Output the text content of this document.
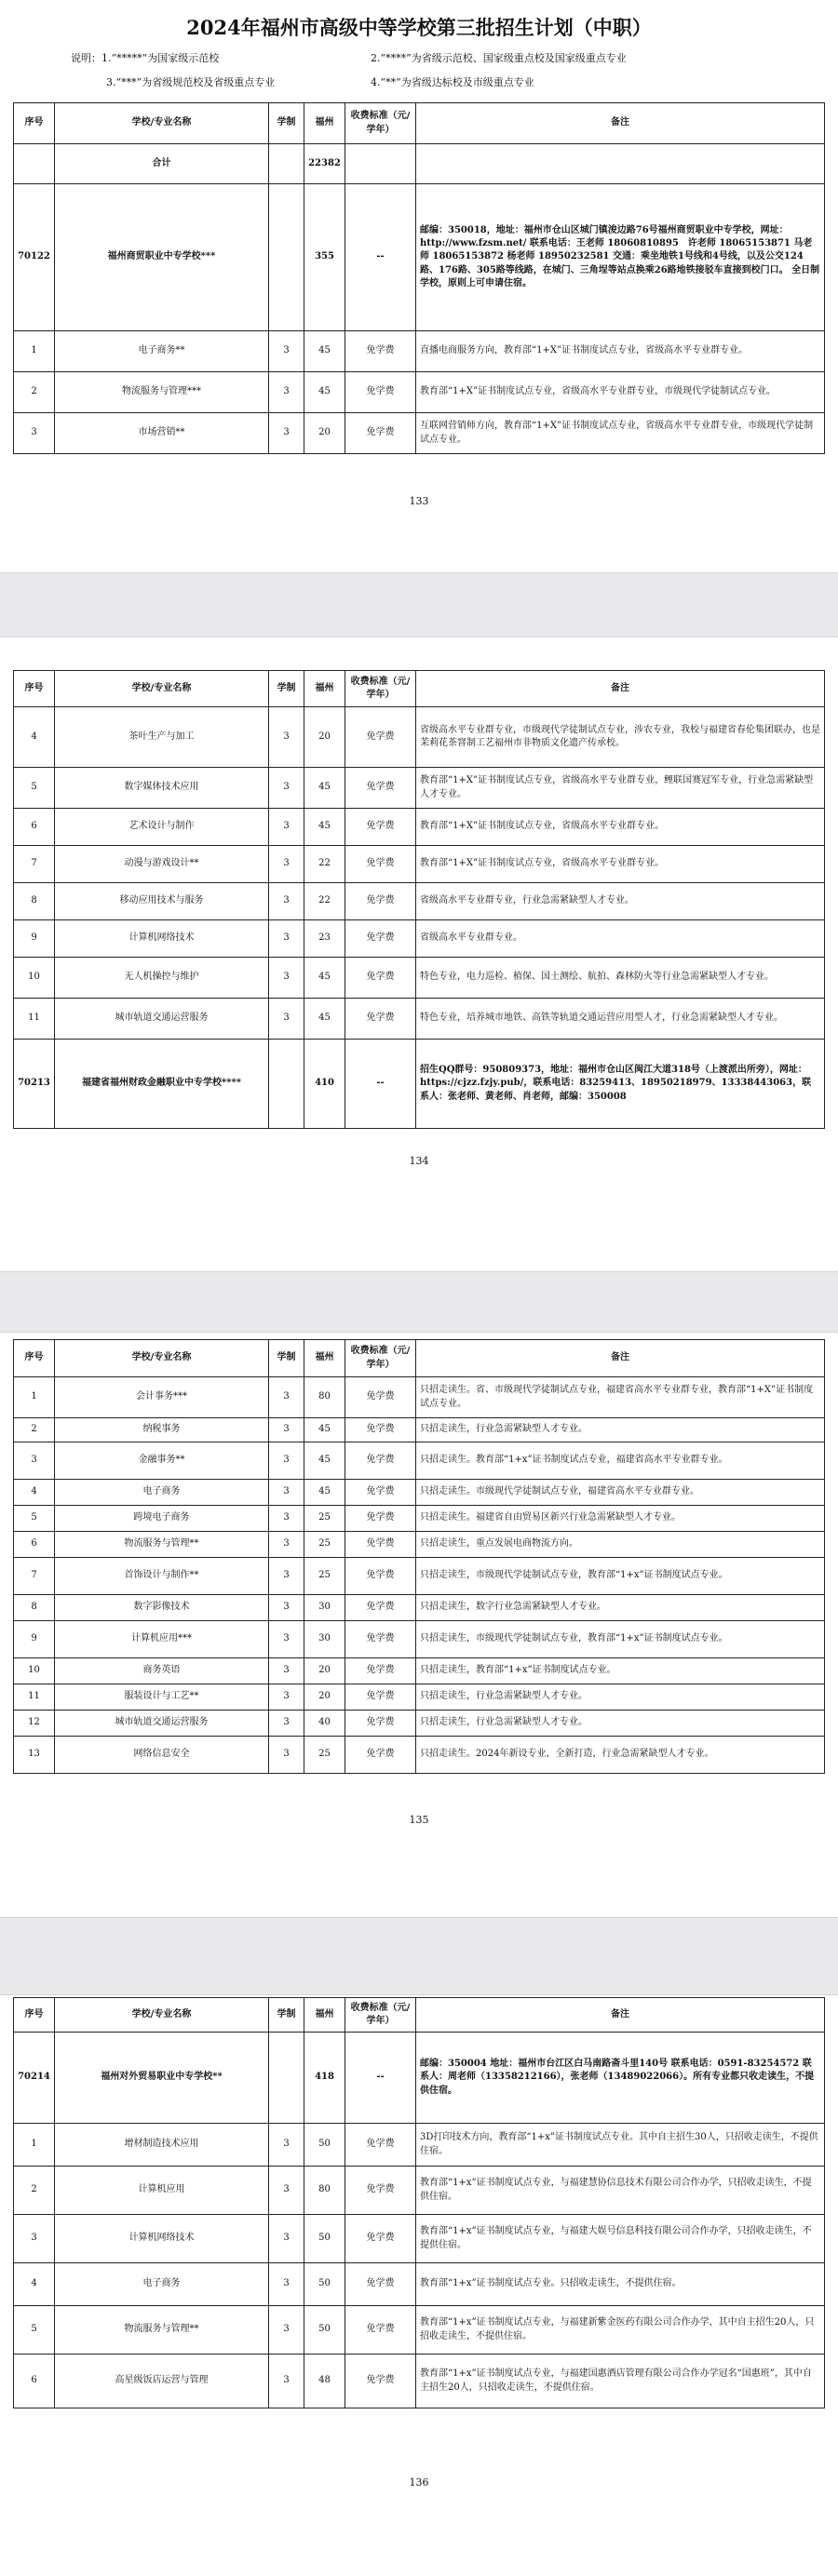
2024年福州市高级中等学校第三批招生计划（中职）
说明：1.“*****”为国家级示范校	2.“****”为省级示范校、国家级重点校及国家级重点专业
3.“***”为省级规范校及省级重点专业	4.“**”为省级达标校及市级重点专业
序号	学校/专业名称	学制	福州	收费标准（元/学年）	备注
	合计		22382		
70122	福州商贸职业中专学校***		355	--	邮编：350018，地址：福州市仓山区城门镇浚边路76号福州商贸职业中专学校，网址：http://www.fzsm.net/ 联系电话：王老师 18060810895　许老师 18065153871 马老师 18065153872 杨老师 18950232581 交通：乘坐地铁1号线和4号线，以及公交124路、176路、305路等线路，在城门、三角埕等站点换乘26路地铁接驳车直接到校门口。 全日制学校，原则上可申请住宿。
1	电子商务**	3	45	免学费	直播电商服务方向，教育部“1+X”证书制度试点专业，省级高水平专业群专业。
2	物流服务与管理***	3	45	免学费	教育部“1+X”证书制度试点专业，省级高水平专业群专业，市级现代学徒制试点专业。
3	市场营销**	3	20	免学费	互联网营销师方向，教育部“1+X”证书制度试点专业，省级高水平专业群专业，市级现代学徒制试点专业。
133
序号	学校/专业名称	学制	福州	收费标准（元/学年）	备注
4	茶叶生产与加工	3	20	免学费	省级高水平专业群专业，市级现代学徒制试点专业，涉农专业，我校与福建省春伦集团联办，也是茉莉花茶窨制工艺福州市非物质文化遗产传承校。
5	数字媒体技术应用	3	45	免学费	教育部“1+X”证书制度试点专业，省级高水平专业群专业，鲤联国赛冠军专业，行业急需紧缺型人才专业。
6	艺术设计与制作	3	45	免学费	教育部“1+X”证书制度试点专业，省级高水平专业群专业。
7	动漫与游戏设计**	3	22	免学费	教育部“1+X”证书制度试点专业，省级高水平专业群专业。
8	移动应用技术与服务	3	22	免学费	省级高水平专业群专业，行业急需紧缺型人才专业。
9	计算机网络技术	3	23	免学费	省级高水平专业群专业。
10	无人机操控与维护	3	45	免学费	特色专业，电力巡检、植保、国土测绘、航拍、森林防火等行业急需紧缺型人才专业。
11	城市轨道交通运营服务	3	45	免学费	特色专业，培养城市地铁、高铁等轨道交通运营应用型人才，行业急需紧缺型人才专业。
70213	福建省福州财政金融职业中专学校****		410	--	招生QQ群号：950809373，地址：福州市仓山区闽江大道318号（上渡派出所旁），网址：https://cjzz.fzjy.pub/，联系电话：83259413、18950218979、13338443063，联系人：张老师、黄老师、肖老师，邮编：350008
134
序号	学校/专业名称	学制	福州	收费标准（元/学年）	备注
1	会计事务***	3	80	免学费	只招走读生。省、市级现代学徒制试点专业，福建省高水平专业群专业，教育部“1+X”证书制度试点专业。
2	纳税事务	3	45	免学费	只招走读生，行业急需紧缺型人才专业。
3	金融事务**	3	45	免学费	只招走读生。教育部“1+x”证书制度试点专业，福建省高水平专业群专业。
4	电子商务	3	45	免学费	只招走读生。市级现代学徒制试点专业，福建省高水平专业群专业。
5	跨境电子商务	3	25	免学费	只招走读生。福建省自由贸易区新兴行业急需紧缺型人才专业。
6	物流服务与管理**	3	25	免学费	只招走读生，重点发展电商物流方向。
7	首饰设计与制作**	3	25	免学费	只招走读生，市级现代学徒制试点专业，教育部“1+x”证书制度试点专业。
8	数字影像技术	3	30	免学费	只招走读生，数字行业急需紧缺型人才专业。
9	计算机应用***	3	30	免学费	只招走读生，市级现代学徒制试点专业，教育部“1+x”证书制度试点专业。
10	商务英语	3	20	免学费	只招走读生，教育部“1+x”证书制度试点专业。
11	服装设计与工艺**	3	20	免学费	只招走读生，行业急需紧缺型人才专业。
12	城市轨道交通运营服务	3	40	免学费	只招走读生，行业急需紧缺型人才专业。
13	网络信息安全	3	25	免学费	只招走读生。2024年新设专业，全新打造，行业急需紧缺型人才专业。
135
序号	学校/专业名称	学制	福州	收费标准（元/学年）	备注
70214	福州对外贸易职业中专学校**		418	--	邮编：350004 地址：福州市台江区白马南路斋斗里140号 联系电话：0591-83254572 联系人：周老师（13358212166），张老师（13489022066）。所有专业都只收走读生，不提供住宿。
1	增材制造技术应用	3	50	免学费	3D打印技术方向，教育部“1+x”证书制度试点专业。其中自主招生30人，只招收走读生，不提供住宿。
2	计算机应用	3	80	免学费	教育部“1+x”证书制度试点专业，与福建慧协信息技术有限公司合作办学，只招收走读生，不提供住宿。
3	计算机网络技术	3	50	免学费	教育部“1+x”证书制度试点专业，与福建大娱号信息科技有限公司合作办学，只招收走读生，不提供住宿。
4	电子商务	3	50	免学费	教育部“1+x”证书制度试点专业。只招收走读生，不提供住宿。
5	物流服务与管理**	3	50	免学费	教育部“1+x”证书制度试点专业，与福建新紫金医药有限公司合作办学，其中自主招生20人，只招收走读生，不提供住宿。
6	高星级饭店运营与管理	3	48	免学费	教育部“1+x”证书制度试点专业，与福建国惠酒店管理有限公司合作办学冠名“国惠班”，其中自主招生20人，只招收走读生，不提供住宿。
136
